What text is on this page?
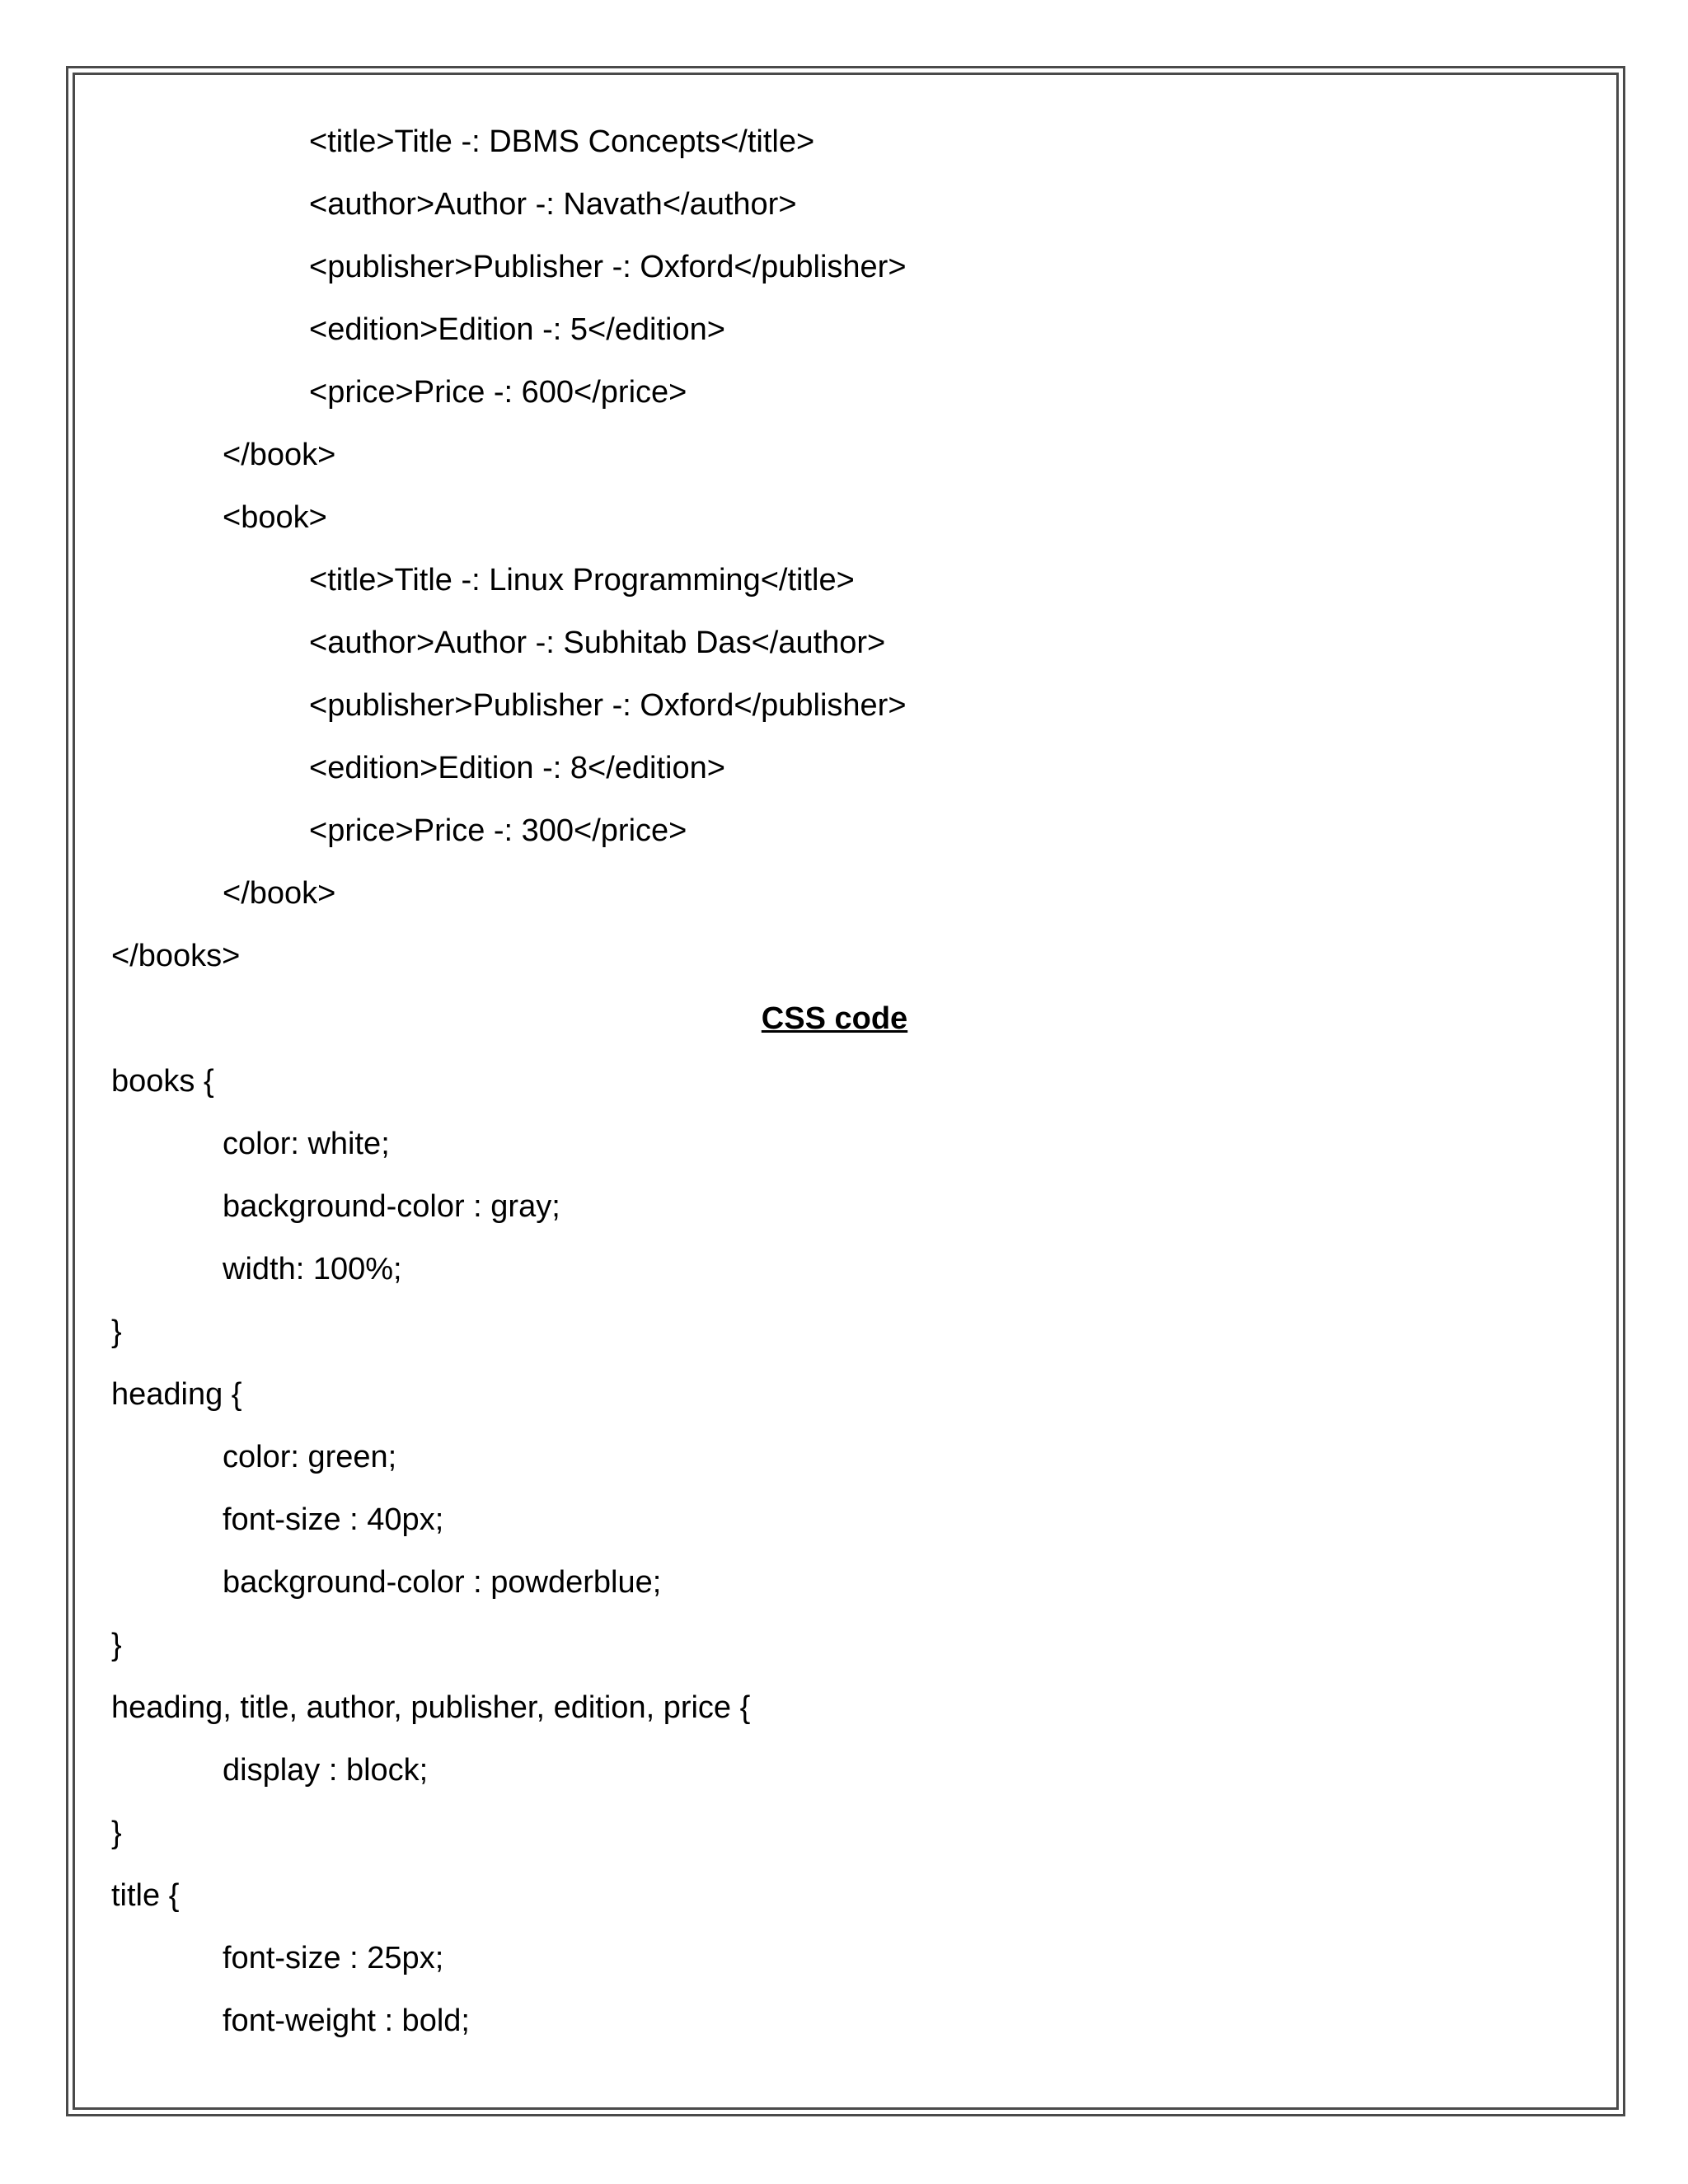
<title>Title -: DBMS Concepts</title>

<author>Author -: Navath</author>

<publisher>Publisher -: Oxford</publisher>

<edition>Edition -: 5</edition>

<price>Price -: 600</price>

</book>

<book>

<title>Title -: Linux Programming</title>

<author>Author -: Subhitab Das</author>

<publisher>Publisher -: Oxford</publisher>

<edition>Edition -: 8</edition>

<price>Price -: 300</price>

</book>

</books>

CSS code

books {

color: white;

background-color : gray;

width: 100%;

}

heading {

color: green;

font-size : 40px;

background-color : powderblue;

}

heading, title, author, publisher, edition, price {

display : block;

}

title {

font-size : 25px;

font-weight : bold;
